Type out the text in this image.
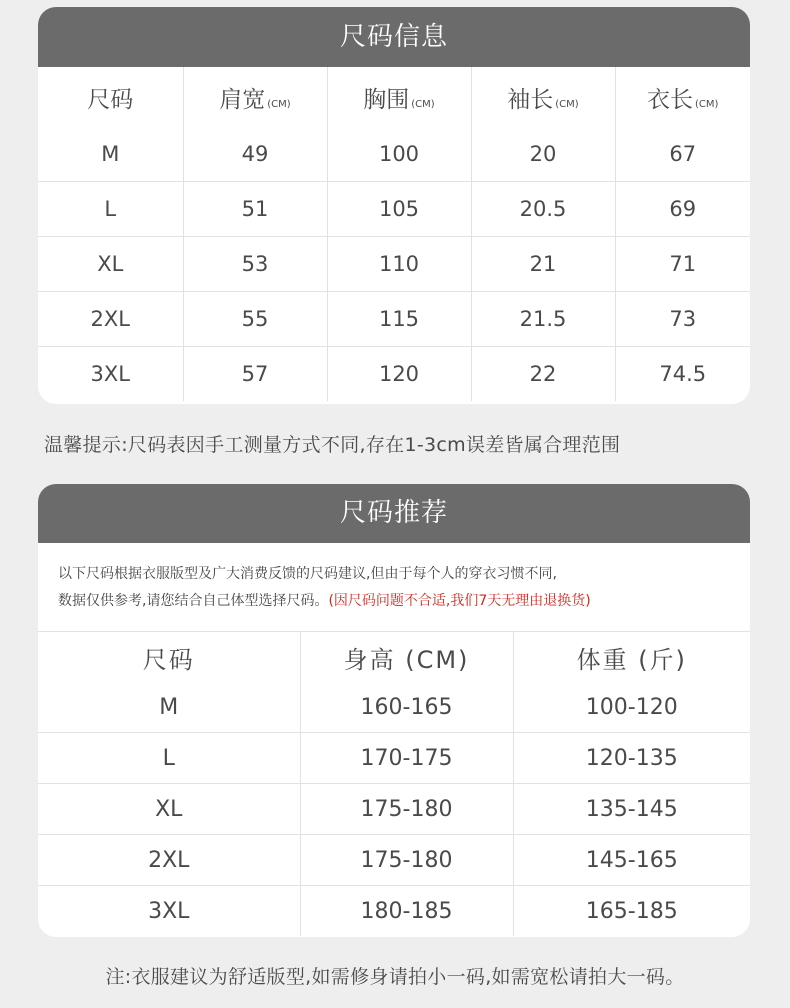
尺码信息
尺码	肩宽 (CM)	胸围 (CM)	袖长 (CM)	衣长 (CM)
M	49	100	20	67
L	51	105	20.5	69
XL	53	110	21	71
2XL	55	115	21.5	73
3XL	57	120	22	74.5
温馨提示:尺码表因手工测量方式不同,存在1-3cm误差皆属合理范围
尺码推荐
以下尺码根据衣服版型及广大消费反馈的尺码建议,但由于每个人的穿衣习惯不同,
数据仅供参考,请您结合自己体型选择尺码。(因尺码问题不合适,我们7天无理由退换货)
尺码	身高 (CM)	体重 (斤)
M	160-165	100-120
L	170-175	120-135
XL	175-180	135-145
2XL	175-180	145-165
3XL	180-185	165-185
注:衣服建议为舒适版型,如需修身请拍小一码,如需宽松请拍大一码。
